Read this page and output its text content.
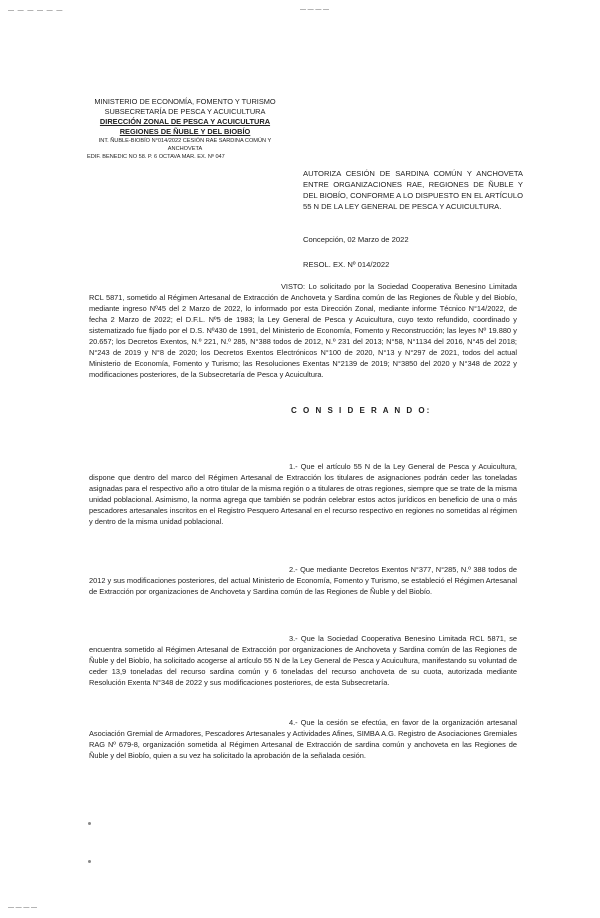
— — — — — —	— — — —
MINISTERIO DE ECONOMÍA, FOMENTO Y TURISMO
SUBSECRETARÍA DE PESCA Y ACUICULTURA
DIRECCIÓN ZONAL DE PESCA Y ACUICULTURA
REGIONES DE ÑUBLE Y DEL BIOBÍO
INT. ÑUBLE-BIOBÍO N°014/2022 CESIÓN RAE SARDINA COMÚN Y ANCHOVETA
EDIF. BENEDIC NO 58. P. 6 OCTAVA MAR. EX. Nº 047
AUTORIZA CESIÓN DE SARDINA COMÚN Y ANCHOVETA ENTRE ORGANIZACIONES RAE, REGIONES DE ÑUBLE Y DEL BIOBÍO, CONFORME A LO DISPUESTO EN EL ARTÍCULO 55 N DE LA LEY GENERAL DE PESCA Y ACUICULTURA.
Concepción, 02 Marzo de 2022
RESOL. EX. Nº 014/2022

VISTO: Lo solicitado por la Sociedad Cooperativa Benesino Limitada RCL 5871, sometido al Régimen Artesanal de Extracción de Anchoveta y Sardina común de las Regiones de Ñuble y del Biobío, mediante ingreso Nº45 del 2 Marzo de 2022, lo informado por esta Dirección Zonal, mediante informe Técnico N°14/2022, de fecha 2 Marzo de 2022; el D.F.L. Nº5 de 1983; la Ley General de Pesca y Acuicultura, cuyo texto refundido, coordinado y sistematizado fue fijado por el D.S. Nº430 de 1991, del Ministerio de Economía, Fomento y Reconstrucción; las leyes Nº 19.880 y 20.657; los Decretos Exentos, N.º 221, N.º 285, N°388 todos de 2012, N.º 231 del 2013; N°58, N°1134 del 2016, N°45 del 2018; N°243 de 2019 y N°8 de 2020; los Decretos Exentos Electrónicos N°100 de 2020, N°13 y N°297 de 2021, todos del actual Ministerio de Economía, Fomento y Turismo; las Resoluciones Exentas N°2139 de 2019; N°3850 del 2020 y N°348 de 2022 y modificaciones posteriores, de la Subsecretaría de Pesca y Acuicultura.

C O N S I D E R A N D O:

1.- Que el artículo 55 N de la Ley General de Pesca y Acuicultura, dispone que dentro del marco del Régimen Artesanal de Extracción los titulares de asignaciones podrán ceder las toneladas asignadas para el respectivo año a otro titular de la misma región o a titulares de otras regiones, siempre que se trate de la misma unidad poblacional. Asimismo, la norma agrega que también se podrán celebrar estos actos jurídicos en beneficio de una o más pescadores artesanales inscritos en el Registro Pesquero Artesanal en el recurso respectivo en regiones no sometidas al régimen y dentro de la misma unidad poblacional.

2.- Que mediante Decretos Exentos N°377, N°285, N.º 388 todos de 2012 y sus modificaciones posteriores, del actual Ministerio de Economía, Fomento y Turismo, se estableció el Régimen Artesanal de Extracción por organizaciones de Anchoveta y Sardina común de las Regiones de Ñuble y del Biobío.

3.- Que la Sociedad Cooperativa Benesino Limitada RCL 5871, se encuentra sometido al Régimen Artesanal de Extracción por organizaciones de Anchoveta y Sardina común de las Regiones de Ñuble y del Biobío, ha solicitado acogerse al artículo 55 N de la Ley General de Pesca y Acuicultura, manifestando su voluntad de ceder 13,9 toneladas del recurso sardina común y 6 toneladas del recurso anchoveta de su cuota, autorizada mediante Resolución Exenta N°348 de 2022 y sus modificaciones posteriores, de esta Subsecretaría.

4.- Que la cesión se efectúa, en favor de la organización artesanal Asociación Gremial de Armadores, Pescadores Artesanales y Actividades Afines, SIMBA A.G. Registro de Asociaciones Gremiales RAG Nº 679-8, organización sometida al Régimen Artesanal de Extracción de sardina común y anchoveta en las Regiones de Ñuble y del Biobío, quien a su vez ha solicitado la aprobación de la señalada cesión.

— — — —
